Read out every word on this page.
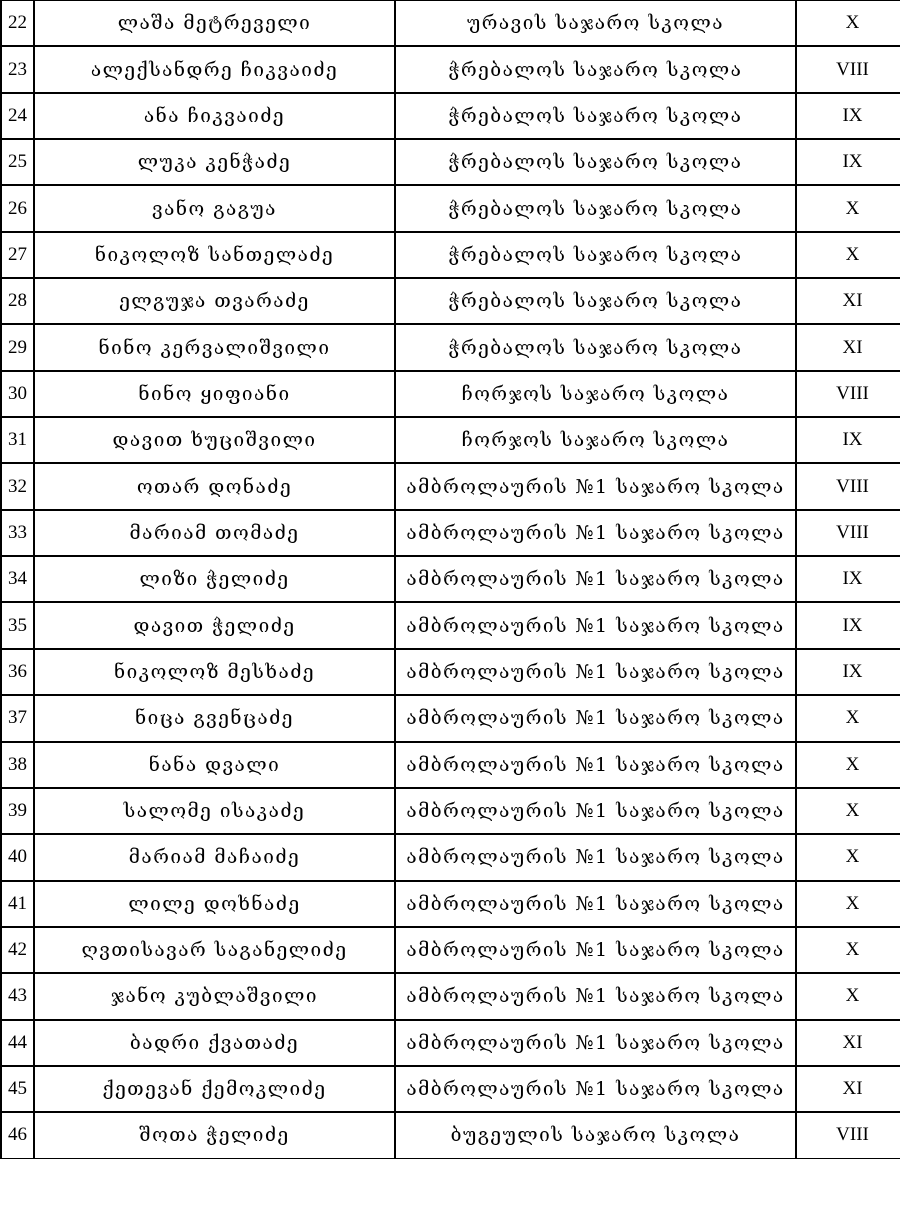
22	ლაშა მეტრეველი	ურავის საჯარო სკოლა	X
23	ალექსანდრე ჩიკვაიძე	ჭრებალოს საჯარო სკოლა	VIII
24	ანა ჩიკვაიძე	ჭრებალოს საჯარო სკოლა	IX
25	ლუკა კენჭაძე	ჭრებალოს საჯარო სკოლა	IX
26	ვანო გაგუა	ჭრებალოს საჯარო სკოლა	X
27	ნიკოლოზ სანთელაძე	ჭრებალოს საჯარო სკოლა	X
28	ელგუჯა თვარაძე	ჭრებალოს საჯარო სკოლა	XI
29	ნინო კერვალიშვილი	ჭრებალოს საჯარო სკოლა	XI
30	ნინო ყიფიანი	ჩორჯოს საჯარო სკოლა	VIII
31	დავით ხუციშვილი	ჩორჯოს საჯარო სკოლა	IX
32	ოთარ დონაძე	ამბროლაურის №1 საჯარო სკოლა	VIII
33	მარიამ თომაძე	ამბროლაურის №1 საჯარო სკოლა	VIII
34	ლიზი ჭელიძე	ამბროლაურის №1 საჯარო სკოლა	IX
35	დავით ჭელიძე	ამბროლაურის №1 საჯარო სკოლა	IX
36	ნიკოლოზ მესხაძე	ამბროლაურის №1 საჯარო სკოლა	IX
37	ნიცა გვენცაძე	ამბროლაურის №1 საჯარო სკოლა	X
38	ნანა დვალი	ამბროლაურის №1 საჯარო სკოლა	X
39	სალომე ისაკაძე	ამბროლაურის №1 საჯარო სკოლა	X
40	მარიამ მაჩაიძე	ამბროლაურის №1 საჯარო სკოლა	X
41	ლილე დოხნაძე	ამბროლაურის №1 საჯარო სკოლა	X
42	ღვთისავარ საგანელიძე	ამბროლაურის №1 საჯარო სკოლა	X
43	ჯანო კუბლაშვილი	ამბროლაურის №1 საჯარო სკოლა	X
44	ბადრი ქვათაძე	ამბროლაურის №1 საჯარო სკოლა	XI
45	ქეთევან ქემოკლიძე	ამბროლაურის №1 საჯარო სკოლა	XI
46	შოთა ჭელიძე	ბუგეულის საჯარო სკოლა	VIII
